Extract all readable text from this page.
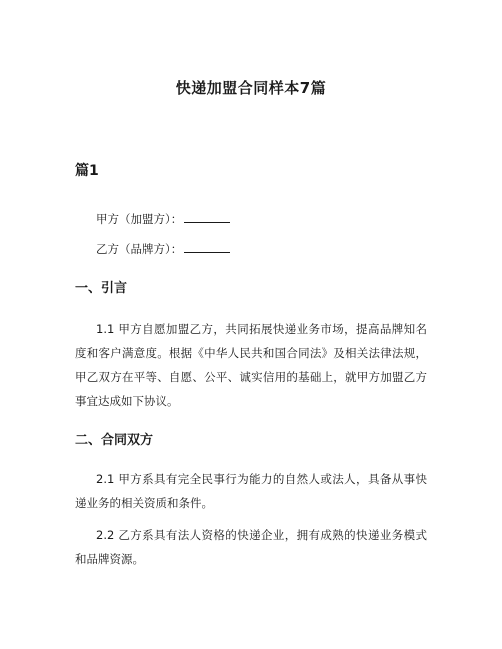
快递加盟合同样本7篇
篇1

甲方（加盟方）：

乙方（品牌方）：

一、引言

1.1 甲方自愿加盟乙方，共同拓展快递业务市场，提高品牌知名度和客户满意度。根据《中华人民共和国合同法》及相关法律法规，甲乙双方在平等、自愿、公平、诚实信用的基础上，就甲方加盟乙方事宜达成如下协议。

二、合同双方

2.1 甲方系具有完全民事行为能力的自然人或法人，具备从事快递业务的相关资质和条件。

2.2 乙方系具有法人资格的快递企业，拥有成熟的快递业务模式和品牌资源。
